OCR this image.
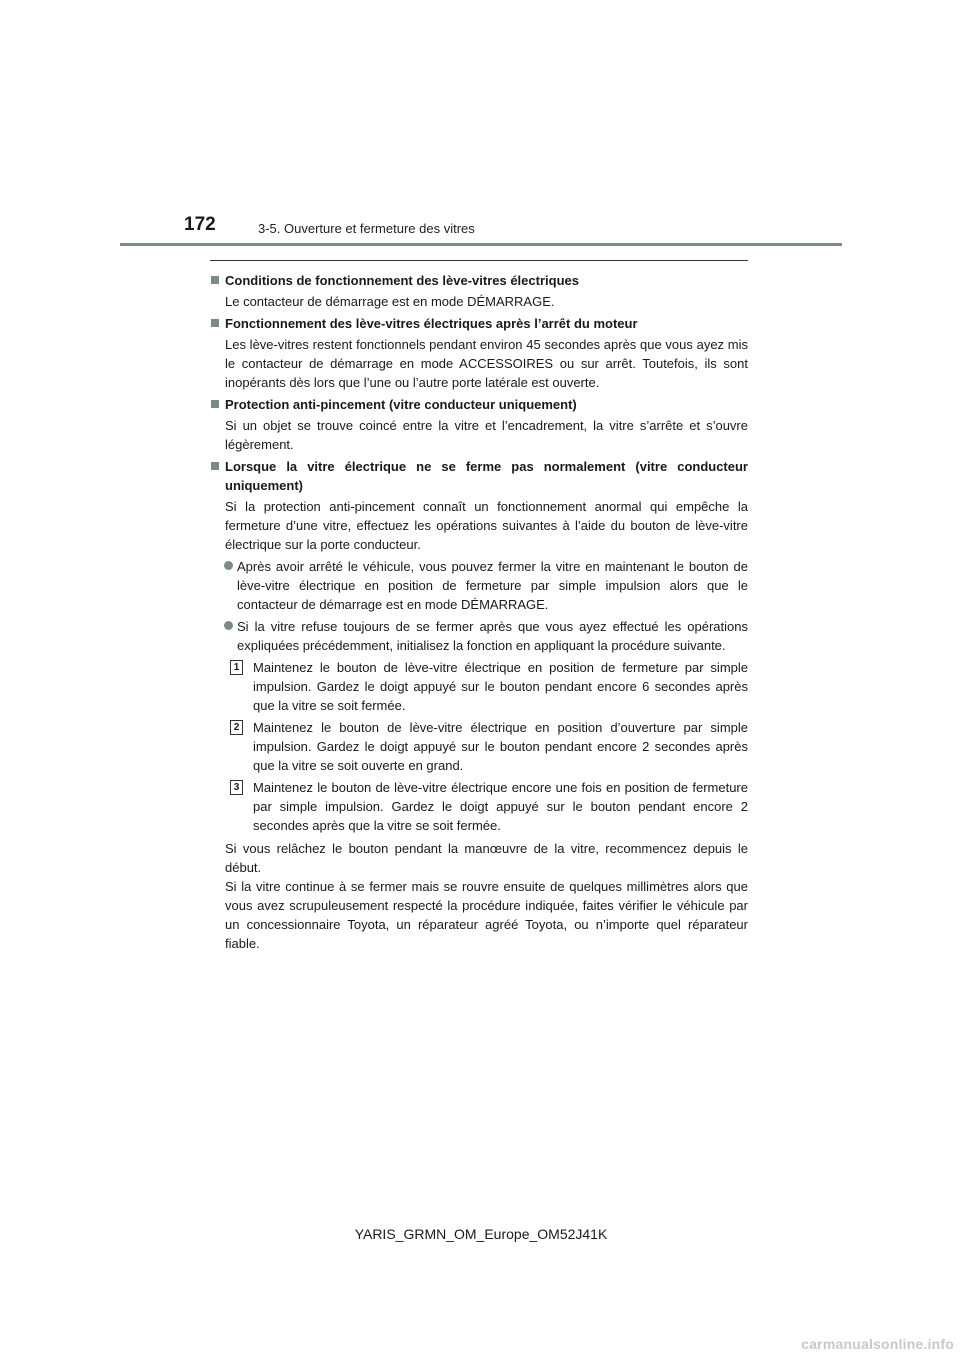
172	3-5. Ouverture et fermeture des vitres
Conditions de fonctionnement des lève-vitres électriques
Le contacteur de démarrage est en mode DÉMARRAGE.
Fonctionnement des lève-vitres électriques après l’arrêt du moteur
Les lève-vitres restent fonctionnels pendant environ 45 secondes après que vous ayez mis le contacteur de démarrage en mode ACCESSOIRES ou sur arrêt. Toutefois, ils sont inopérants dès lors que l’une ou l’autre porte latérale est ouverte.
Protection anti-pincement (vitre conducteur uniquement)
Si un objet se trouve coincé entre la vitre et l’encadrement, la vitre s’arrête et s’ouvre légèrement.
Lorsque la vitre électrique ne se ferme pas normalement (vitre conducteur uniquement)
Si la protection anti-pincement connaît un fonctionnement anormal qui empêche la fermeture d’une vitre, effectuez les opérations suivantes à l’aide du bouton de lève-vitre électrique sur la porte conducteur.
Après avoir arrêté le véhicule, vous pouvez fermer la vitre en maintenant le bouton de lève-vitre électrique en position de fermeture par simple impulsion alors que le contacteur de démarrage est en mode DÉMARRAGE.
Si la vitre refuse toujours de se fermer après que vous ayez effectué les opérations expliquées précédemment, initialisez la fonction en appliquant la procédure suivante.
1 Maintenez le bouton de lève-vitre électrique en position de fermeture par simple impulsion. Gardez le doigt appuyé sur le bouton pendant encore 6 secondes après que la vitre se soit fermée.
2 Maintenez le bouton de lève-vitre électrique en position d’ouverture par simple impulsion. Gardez le doigt appuyé sur le bouton pendant encore 2 secondes après que la vitre se soit ouverte en grand.
3 Maintenez le bouton de lève-vitre électrique encore une fois en position de fermeture par simple impulsion. Gardez le doigt appuyé sur le bouton pendant encore 2 secondes après que la vitre se soit fermée.
Si vous relâchez le bouton pendant la manœuvre de la vitre, recommencez depuis le début.
Si la vitre continue à se fermer mais se rouvre ensuite de quelques millimètres alors que vous avez scrupuleusement respecté la procédure indiquée, faites vérifier le véhicule par un concessionnaire Toyota, un réparateur agréé Toyota, ou n’importe quel réparateur fiable.
YARIS_GRMN_OM_Europe_OM52J41K
carmanualsonline.info
